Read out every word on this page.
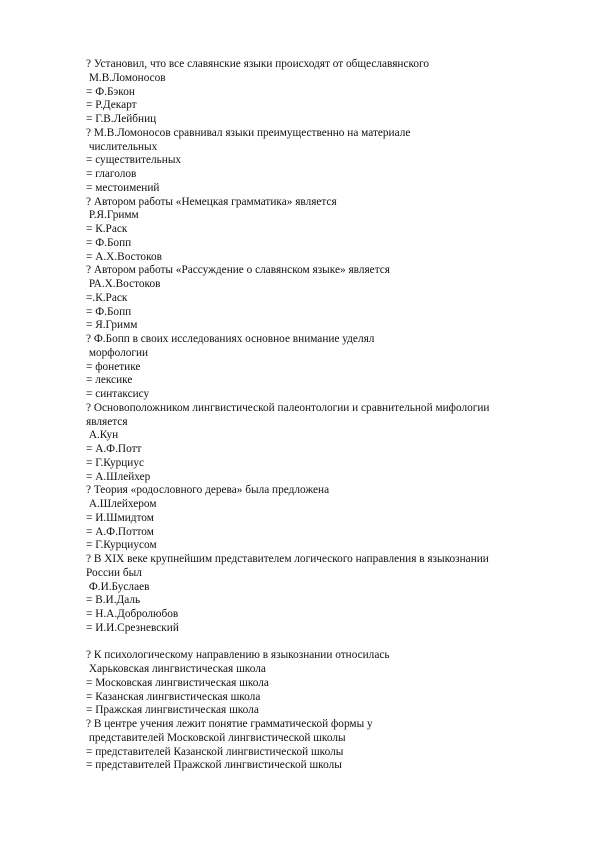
? Установил, что все славянские языки происходят от общеславянского
М.В.Ломоносов
= Ф.Бэкон
= Р.Декарт
= Г.В.Лейбниц
? М.В.Ломоносов сравнивал языки преимущественно на материале
числительных
= существительных
= глаголов
= местоимений
? Автором работы «Немецкая грамматика» является
Р.Я.Гримм
= К.Раск
= Ф.Бопп
= А.Х.Востоков
? Автором работы «Рассуждение о славянском языке» является
РА.Х.Востоков
=.К.Раск
= Ф.Бопп
= Я.Гримм
? Ф.Бопп в своих исследованиях основное внимание уделял
морфологии
= фонетике
= лексике
= синтаксису
? Основоположником лингвистической палеонтологии и сравнительной мифологии
является
А.Кун
= А.Ф.Потт
= Г.Курциус
= А.Шлейхер
? Теория «родословного дерева» была предложена
А.Шлейхером
= И.Шмидтом
= А.Ф.Поттом
= Г.Курциусом
? В XIX веке крупнейшим представителем логического направления в языкознании
России был
Ф.И.Буслаев
= В.И.Даль
= Н.А.Добролюбов
= И.И.Срезневский
? К психологическому направлению в языкознании относилась
Харьковская лингвистическая школа
= Московская лингвистическая школа
= Казанская лингвистическая школа
= Пражская лингвистическая школа
? В центре учения лежит понятие грамматической формы у
представителей Московской лингвистической школы
= представителей Казанской лингвистической школы
= представителей Пражской лингвистической школы
